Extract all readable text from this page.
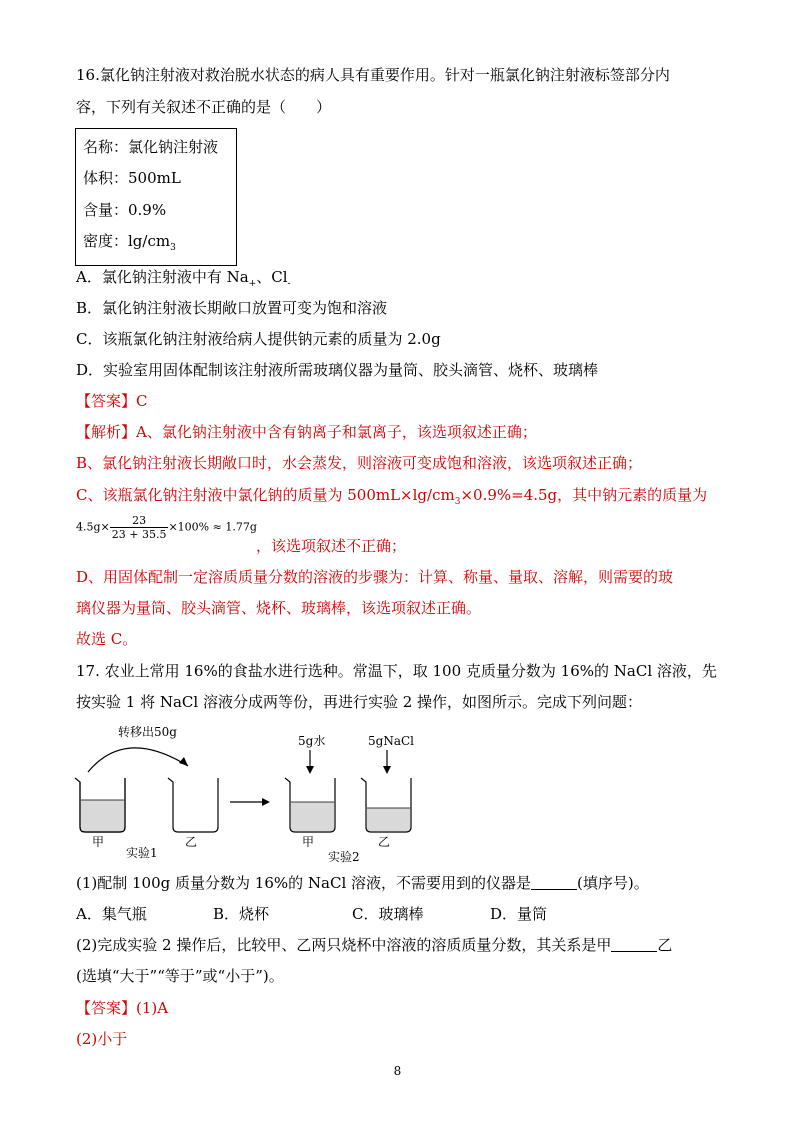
16.氯化钠注射液对救治脱水状态的病人具有重要作用。针对一瓶氯化钠注射液标签部分内
容，下列有关叙述不正确的是（　　）
名称：氯化钠注射液
体积：500mL
含量：0.9%
密度：$\lg/cm_3$
A．氯化钠注射液中有 $Na_+$、$Cl_-$
B．氯化钠注射液长期敞口放置可变为饱和溶液
C．该瓶氯化钠注射液给病人提供钠元素的质量为 2.0g
D．实验室用固体配制该注射液所需玻璃仪器为量筒、胶头滴管、烧杯、玻璃棒
【答案】C
【解析】A、氯化钠注射液中含有钠离子和氯离子，该选项叙述正确；
B、氯化钠注射液长期敞口时，水会蒸发，则溶液可变成饱和溶液，该选项叙述正确；
C、该瓶氯化钠注射液中氯化钠的质量为 $500mL\times\lg/cm_3\times 0.9\%=4.5g$，其中钠元素的质量为
$4.5g\times \frac{23}{23 + 35.5} \times 100\% \approx 1.77g$
，该选项叙述不正确；
D、用固体配制一定溶质质量分数的溶液的步骤为：计算、称量、量取、溶解，则需要的玻
璃仪器为量筒、胶头滴管、烧杯、玻璃棒，该选项叙述正确。
故选 C。
17. 农业上常用 16%的食盐水进行选种。常温下，取 100 克质量分数为 16%的 NaCl 溶液，先
按实验 1 将 NaCl 溶液分成两等份，再进行实验 2 操作，如图所示。完成下列问题：
转移出50g
甲	乙
实验1
5g水
甲
5gNaCl
乙
实验2
(1)配制 100g 质量分数为 16%的 NaCl 溶液，不需要用到的仪器是	(填序号)。
A．集气瓶	B．烧杯	C．玻璃棒	D．量筒
(2)完成实验 2 操作后，比较甲、乙两只烧杯中溶液的溶质质量分数，其关系是甲	乙
(选填“大于”“等于”或“小于”)。
【答案】(1)A
(2)小于
8
